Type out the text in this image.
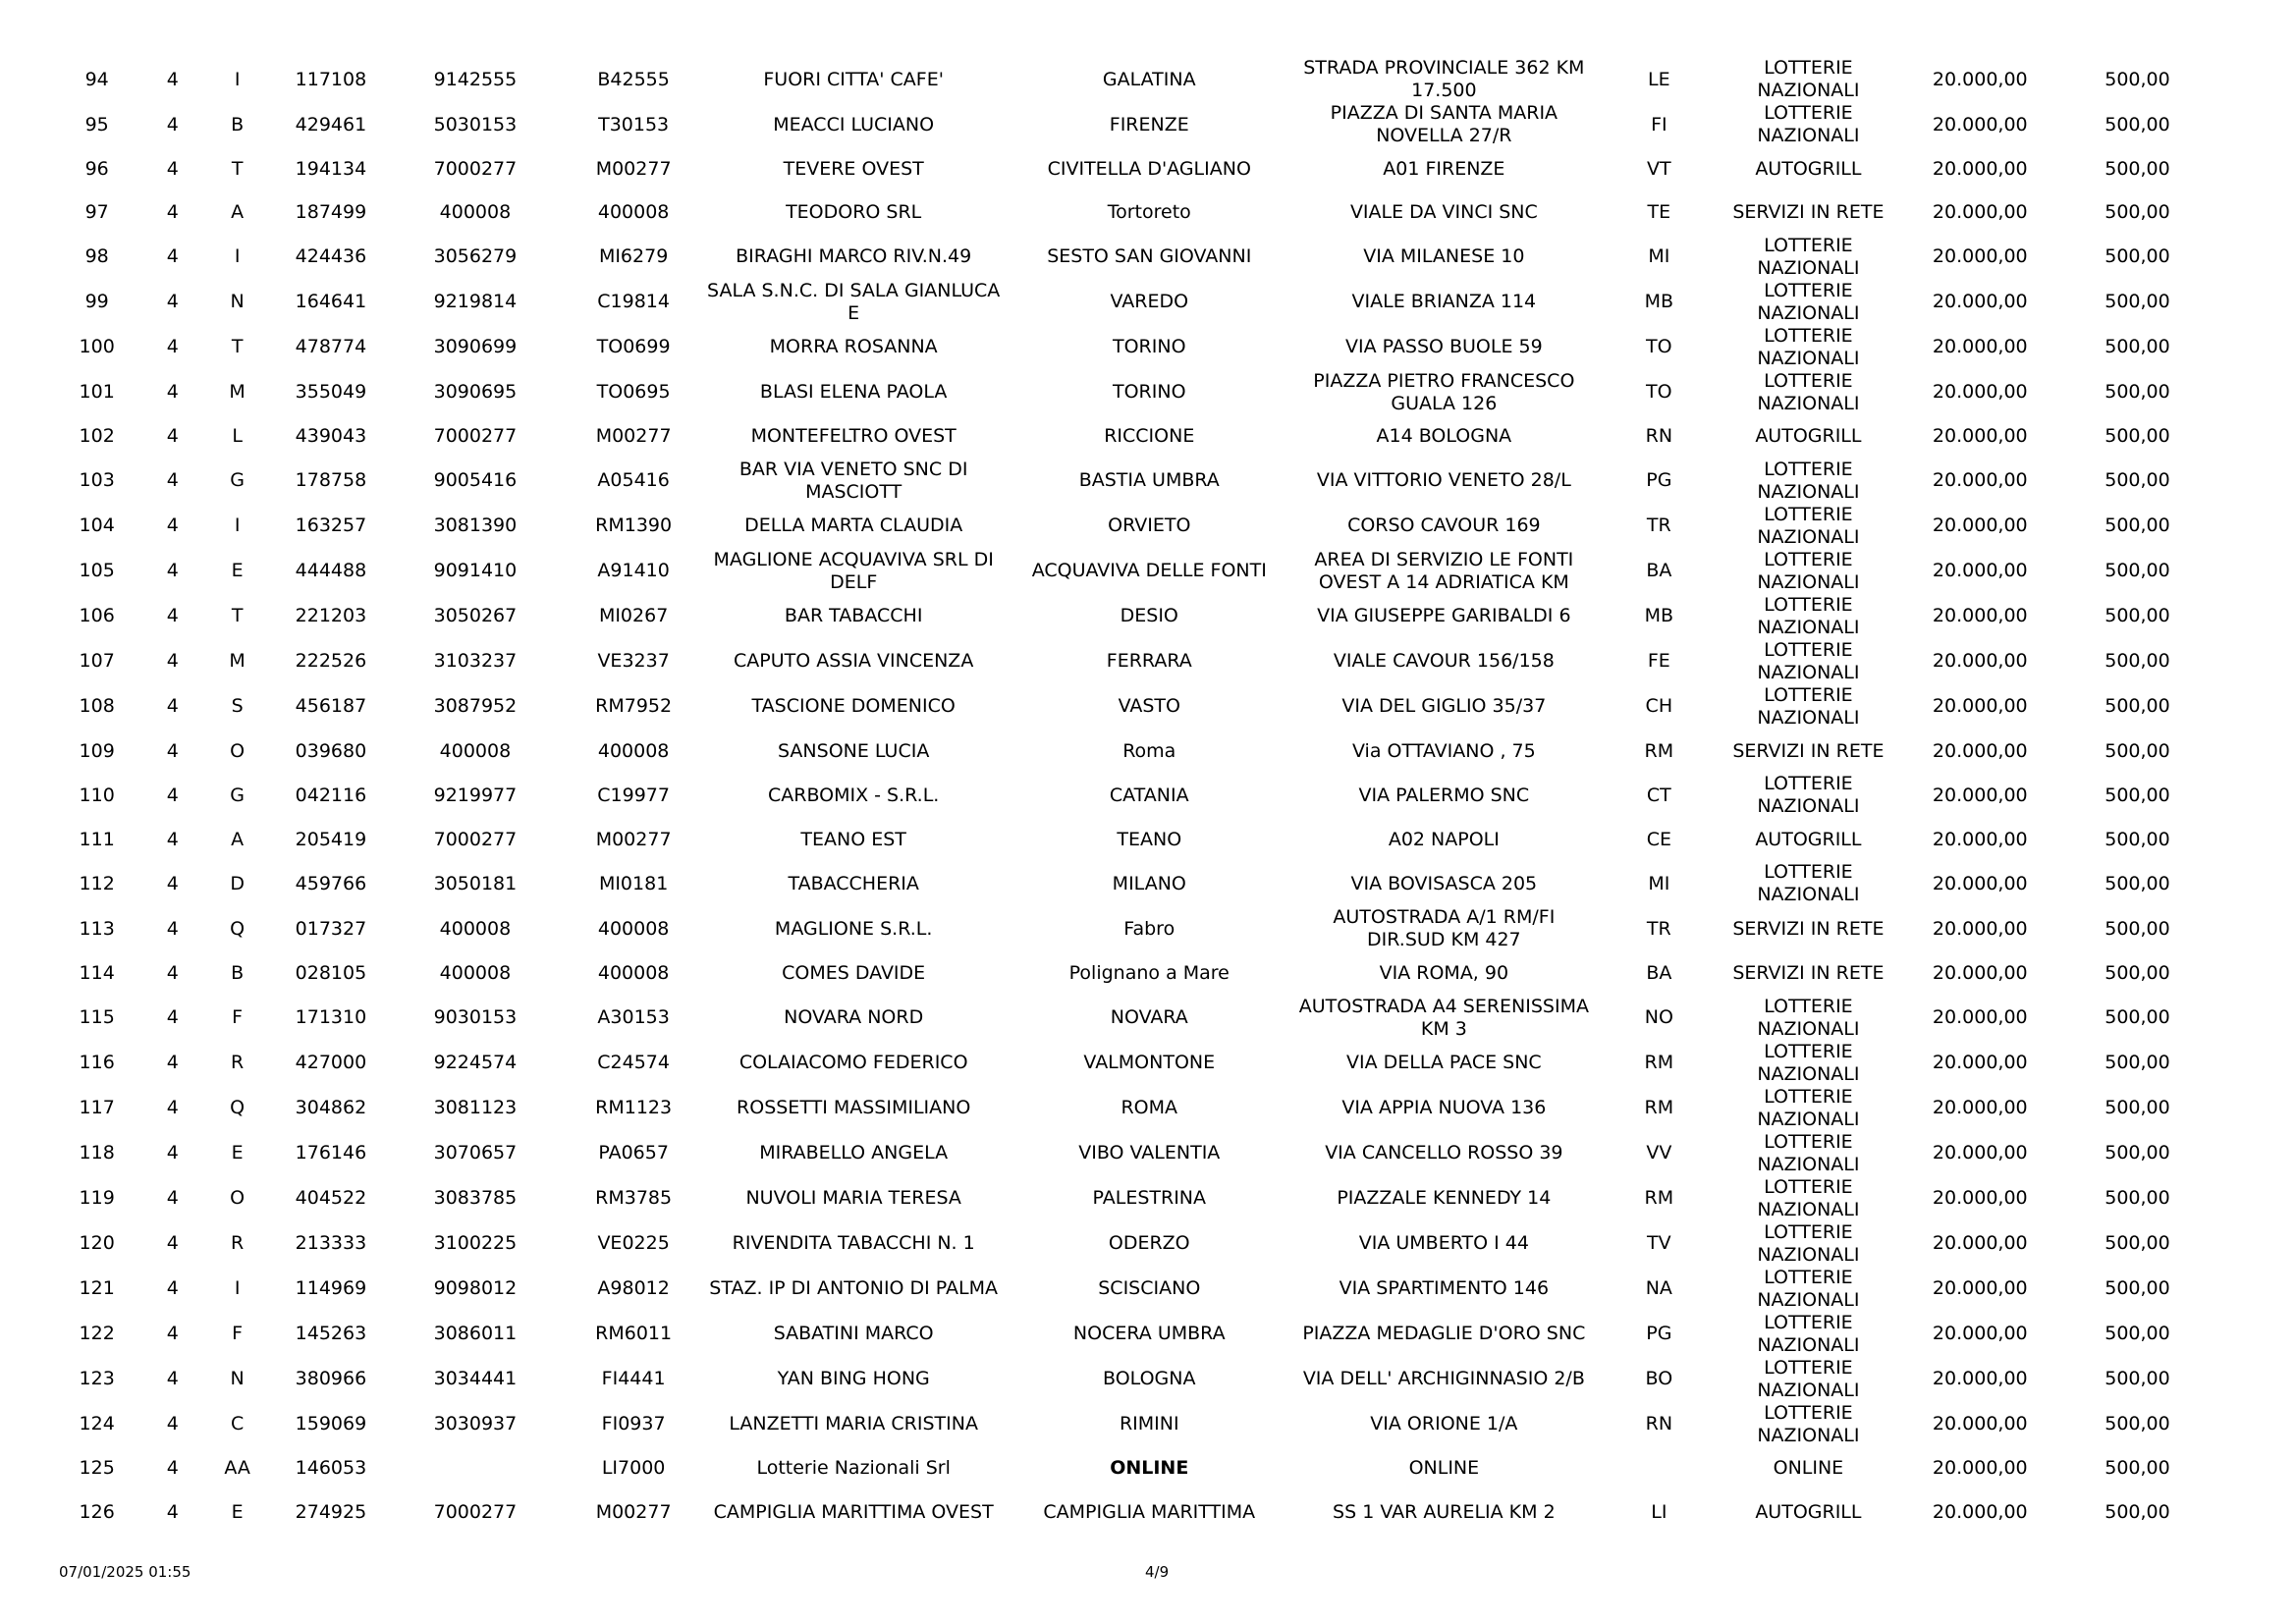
94	4	I	117108	9142555	B42555	FUORI CITTA' CAFE'	GALATINA	STRADA PROVINCIALE 362 KM 17.500	LE	LOTTERIE NAZIONALI	20.000,00	500,00
95	4	B	429461	5030153	T30153	MEACCI LUCIANO	FIRENZE	PIAZZA DI SANTA MARIA NOVELLA 27/R	FI	LOTTERIE NAZIONALI	20.000,00	500,00
96	4	T	194134	7000277	M00277	TEVERE OVEST	CIVITELLA D'AGLIANO	A01 FIRENZE	VT	AUTOGRILL	20.000,00	500,00
97	4	A	187499	400008	400008	TEODORO SRL	Tortoreto	VIALE DA VINCI SNC	TE	SERVIZI IN RETE	20.000,00	500,00
98	4	I	424436	3056279	MI6279	BIRAGHI MARCO RIV.N.49	SESTO SAN GIOVANNI	VIA MILANESE 10	MI	LOTTERIE NAZIONALI	20.000,00	500,00
99	4	N	164641	9219814	C19814	SALA S.N.C. DI SALA GIANLUCA E	VAREDO	VIALE BRIANZA 114	MB	LOTTERIE NAZIONALI	20.000,00	500,00
100	4	T	478774	3090699	TO0699	MORRA ROSANNA	TORINO	VIA PASSO BUOLE 59	TO	LOTTERIE NAZIONALI	20.000,00	500,00
101	4	M	355049	3090695	TO0695	BLASI ELENA PAOLA	TORINO	PIAZZA PIETRO FRANCESCO GUALA 126	TO	LOTTERIE NAZIONALI	20.000,00	500,00
102	4	L	439043	7000277	M00277	MONTEFELTRO OVEST	RICCIONE	A14 BOLOGNA	RN	AUTOGRILL	20.000,00	500,00
103	4	G	178758	9005416	A05416	BAR VIA VENETO SNC DI MASCIOTT	BASTIA UMBRA	VIA VITTORIO VENETO 28/L	PG	LOTTERIE NAZIONALI	20.000,00	500,00
104	4	I	163257	3081390	RM1390	DELLA MARTA CLAUDIA	ORVIETO	CORSO CAVOUR 169	TR	LOTTERIE NAZIONALI	20.000,00	500,00
105	4	E	444488	9091410	A91410	MAGLIONE ACQUAVIVA SRL DI DELF	ACQUAVIVA DELLE FONTI	AREA DI SERVIZIO LE FONTI OVEST A 14 ADRIATICA KM	BA	LOTTERIE NAZIONALI	20.000,00	500,00
106	4	T	221203	3050267	MI0267	BAR TABACCHI	DESIO	VIA GIUSEPPE GARIBALDI 6	MB	LOTTERIE NAZIONALI	20.000,00	500,00
107	4	M	222526	3103237	VE3237	CAPUTO ASSIA VINCENZA	FERRARA	VIALE CAVOUR 156/158	FE	LOTTERIE NAZIONALI	20.000,00	500,00
108	4	S	456187	3087952	RM7952	TASCIONE DOMENICO	VASTO	VIA DEL GIGLIO 35/37	CH	LOTTERIE NAZIONALI	20.000,00	500,00
109	4	O	039680	400008	400008	SANSONE LUCIA	Roma	Via OTTAVIANO , 75	RM	SERVIZI IN RETE	20.000,00	500,00
110	4	G	042116	9219977	C19977	CARBOMIX - S.R.L.	CATANIA	VIA PALERMO SNC	CT	LOTTERIE NAZIONALI	20.000,00	500,00
111	4	A	205419	7000277	M00277	TEANO EST	TEANO	A02 NAPOLI	CE	AUTOGRILL	20.000,00	500,00
112	4	D	459766	3050181	MI0181	TABACCHERIA	MILANO	VIA BOVISASCA 205	MI	LOTTERIE NAZIONALI	20.000,00	500,00
113	4	Q	017327	400008	400008	MAGLIONE S.R.L.	Fabro	AUTOSTRADA A/1 RM/FI DIR.SUD KM 427	TR	SERVIZI IN RETE	20.000,00	500,00
114	4	B	028105	400008	400008	COMES DAVIDE	Polignano a Mare	VIA ROMA, 90	BA	SERVIZI IN RETE	20.000,00	500,00
115	4	F	171310	9030153	A30153	NOVARA NORD	NOVARA	AUTOSTRADA A4 SERENISSIMA KM 3	NO	LOTTERIE NAZIONALI	20.000,00	500,00
116	4	R	427000	9224574	C24574	COLAIACOMO FEDERICO	VALMONTONE	VIA DELLA PACE SNC	RM	LOTTERIE NAZIONALI	20.000,00	500,00
117	4	Q	304862	3081123	RM1123	ROSSETTI MASSIMILIANO	ROMA	VIA APPIA NUOVA 136	RM	LOTTERIE NAZIONALI	20.000,00	500,00
118	4	E	176146	3070657	PA0657	MIRABELLO ANGELA	VIBO VALENTIA	VIA CANCELLO ROSSO 39	VV	LOTTERIE NAZIONALI	20.000,00	500,00
119	4	O	404522	3083785	RM3785	NUVOLI MARIA TERESA	PALESTRINA	PIAZZALE KENNEDY 14	RM	LOTTERIE NAZIONALI	20.000,00	500,00
120	4	R	213333	3100225	VE0225	RIVENDITA TABACCHI N. 1	ODERZO	VIA UMBERTO I 44	TV	LOTTERIE NAZIONALI	20.000,00	500,00
121	4	I	114969	9098012	A98012	STAZ. IP DI ANTONIO DI PALMA	SCISCIANO	VIA SPARTIMENTO 146	NA	LOTTERIE NAZIONALI	20.000,00	500,00
122	4	F	145263	3086011	RM6011	SABATINI MARCO	NOCERA UMBRA	PIAZZA MEDAGLIE D'ORO SNC	PG	LOTTERIE NAZIONALI	20.000,00	500,00
123	4	N	380966	3034441	FI4441	YAN BING HONG	BOLOGNA	VIA DELL' ARCHIGINNASIO 2/B	BO	LOTTERIE NAZIONALI	20.000,00	500,00
124	4	C	159069	3030937	FI0937	LANZETTI MARIA CRISTINA	RIMINI	VIA ORIONE 1/A	RN	LOTTERIE NAZIONALI	20.000,00	500,00
125	4	AA	146053		LI7000	Lotterie Nazionali Srl	ONLINE	ONLINE		ONLINE	20.000,00	500,00
126	4	E	274925	7000277	M00277	CAMPIGLIA MARITTIMA OVEST	CAMPIGLIA MARITTIMA	SS 1 VAR AURELIA KM 2	LI	AUTOGRILL	20.000,00	500,00
07/01/2025 01:55	4/9
